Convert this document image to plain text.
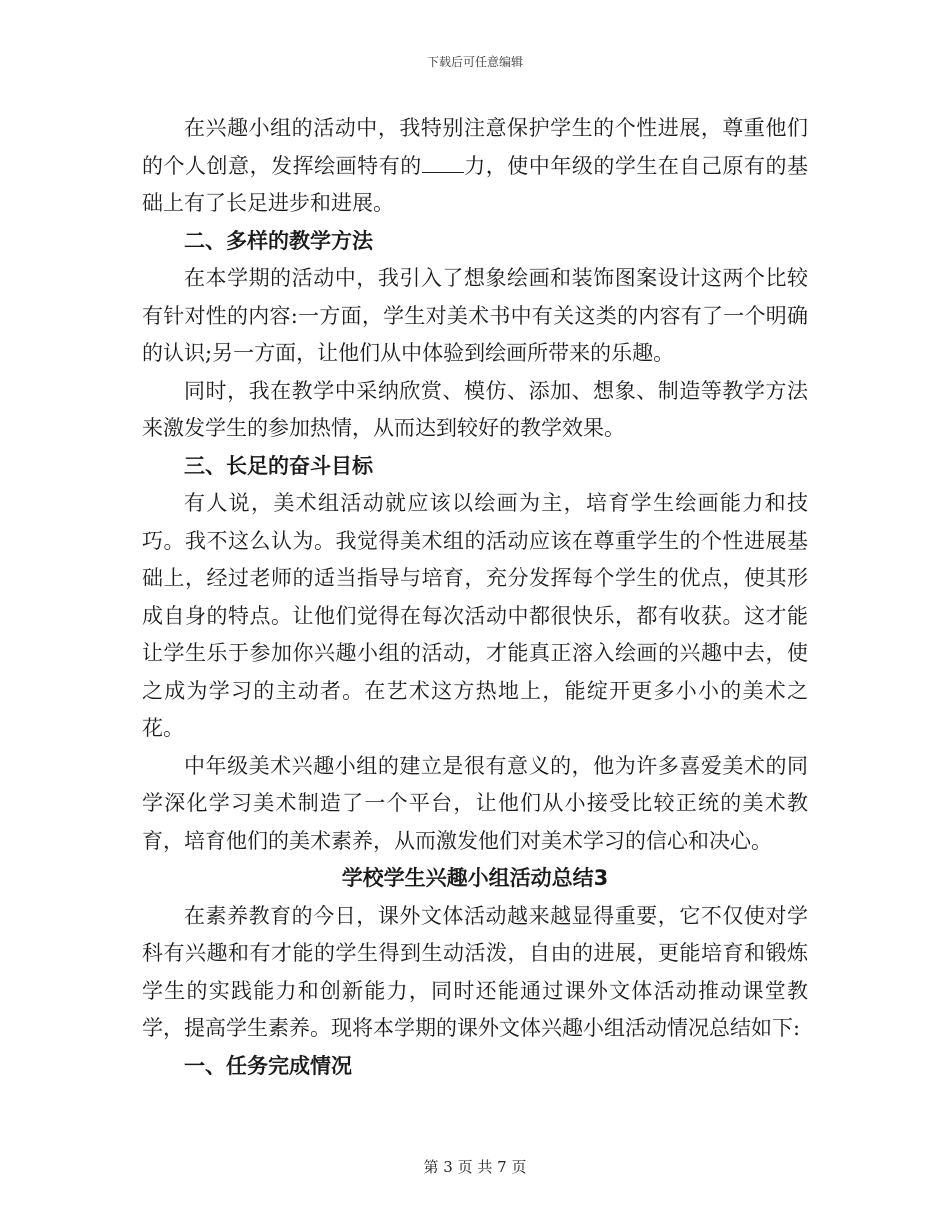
下载后可任意编辑

在兴趣小组的活动中，我特别注意保护学生的个性进展，尊重他们的个人创意，发挥绘画特有的 力，使中年级的学生在自己原有的基础上有了长足进步和进展。

二、多样的教学方法

在本学期的活动中，我引入了想象绘画和装饰图案设计这两个比较有针对性的内容:一方面，学生对美术书中有关这类的内容有了一个明确的认识;另一方面，让他们从中体验到绘画所带来的乐趣。

同时，我在教学中采纳欣赏、模仿、添加、想象、制造等教学方法来激发学生的参加热情，从而达到较好的教学效果。

三、长足的奋斗目标

有人说，美术组活动就应该以绘画为主，培育学生绘画能力和技巧。我不这么认为。我觉得美术组的活动应该在尊重学生的个性进展基础上，经过老师的适当指导与培育，充分发挥每个学生的优点，使其形成自身的特点。让他们觉得在每次活动中都很快乐，都有收获。这才能让学生乐于参加你兴趣小组的活动，才能真正溶入绘画的兴趣中去，使之成为学习的主动者。在艺术这方热地上，能绽开更多小小的美术之花。

中年级美术兴趣小组的建立是很有意义的，他为许多喜爱美术的同学深化学习美术制造了一个平台，让他们从小接受比较正统的美术教育，培育他们的美术素养，从而激发他们对美术学习的信心和决心。

学校学生兴趣小组活动总结3

在素养教育的今日，课外文体活动越来越显得重要，它不仅使对学科有兴趣和有才能的学生得到生动活泼，自由的进展，更能培育和锻炼学生的实践能力和创新能力，同时还能通过课外文体活动推动课堂教学，提高学生素养。现将本学期的课外文体兴趣小组活动情况总结如下:

一、任务完成情况

第 3 页 共 7 页
